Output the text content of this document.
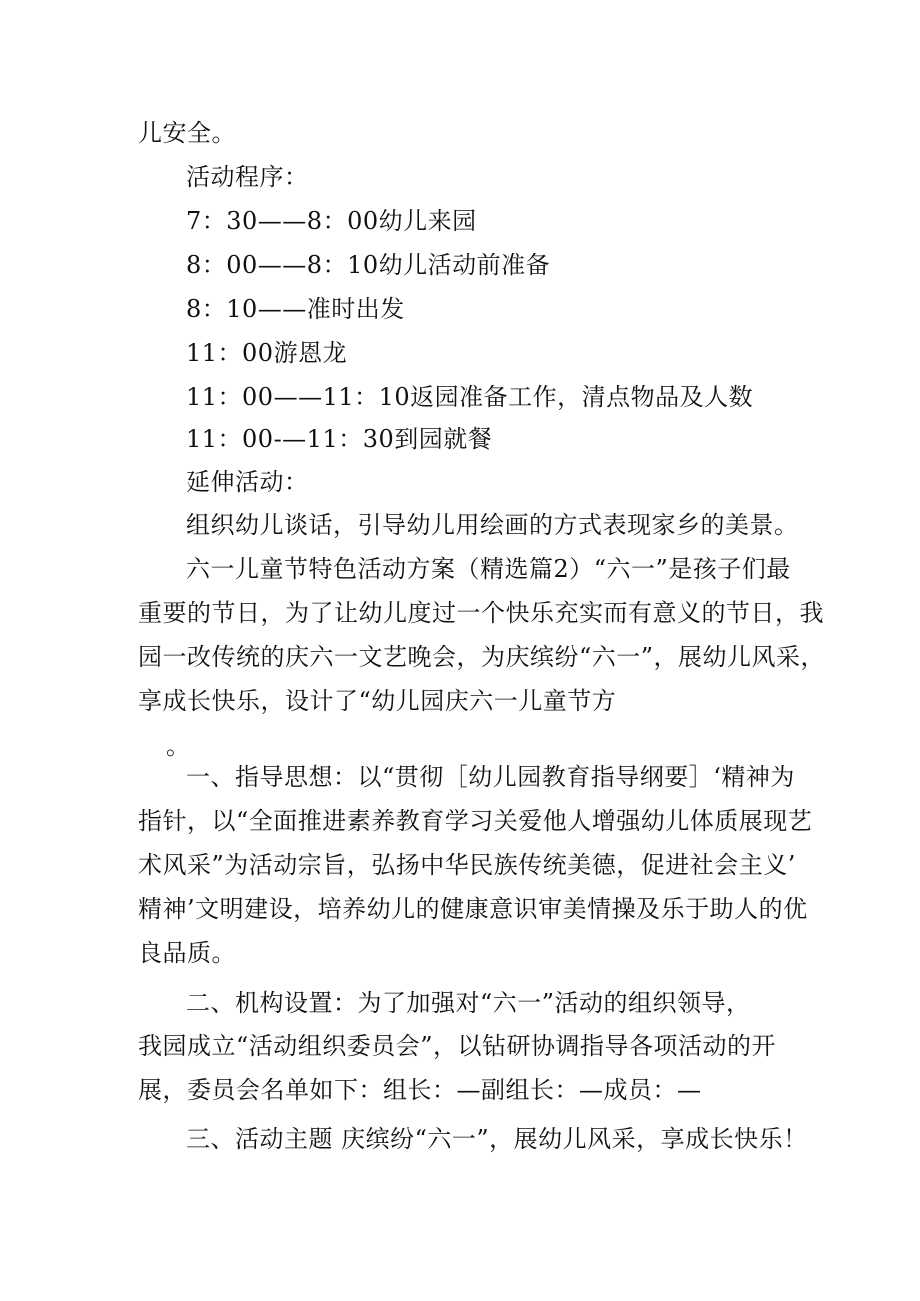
儿安全。

活动程序：

7：30——8：00幼儿来园

8：00——8：10幼儿活动前准备

8：10——准时出发

11：00游恩龙

11：00——11：10返园准备工作，清点物品及人数

11：00-—11：30到园就餐

延伸活动：

组织幼儿谈话，引导幼儿用绘画的方式表现家乡的美景。

六一儿童节特色活动方案（精选篇2）“六一”是孩子们最

重要的节日，为了让幼儿度过一个快乐充实而有意义的节日，我

园一改传统的庆六一文艺晚会，为庆缤纷“六一”，展幼儿风采，

享成长快乐，设计了“幼儿园庆六一儿童节方

。

一、指导思想：以“贯彻［幼儿园教育指导纲要］‘精神为

指针，以“全面推进素养教育学习关爱他人增强幼儿体质展现艺

术风采”为活动宗旨，弘扬中华民族传统美德，促进社会主义’

精神’文明建设，培养幼儿的健康意识审美情操及乐于助人的优

良品质。

二、机构设置：为了加强对“六一”活动的组织领导，

我园成立“活动组织委员会”，以钻研协调指导各项活动的开

展，委员会名单如下：组长：—副组长：—成员：—

三、活动主题 庆缤纷“六一”，展幼儿风采，享成长快乐！
